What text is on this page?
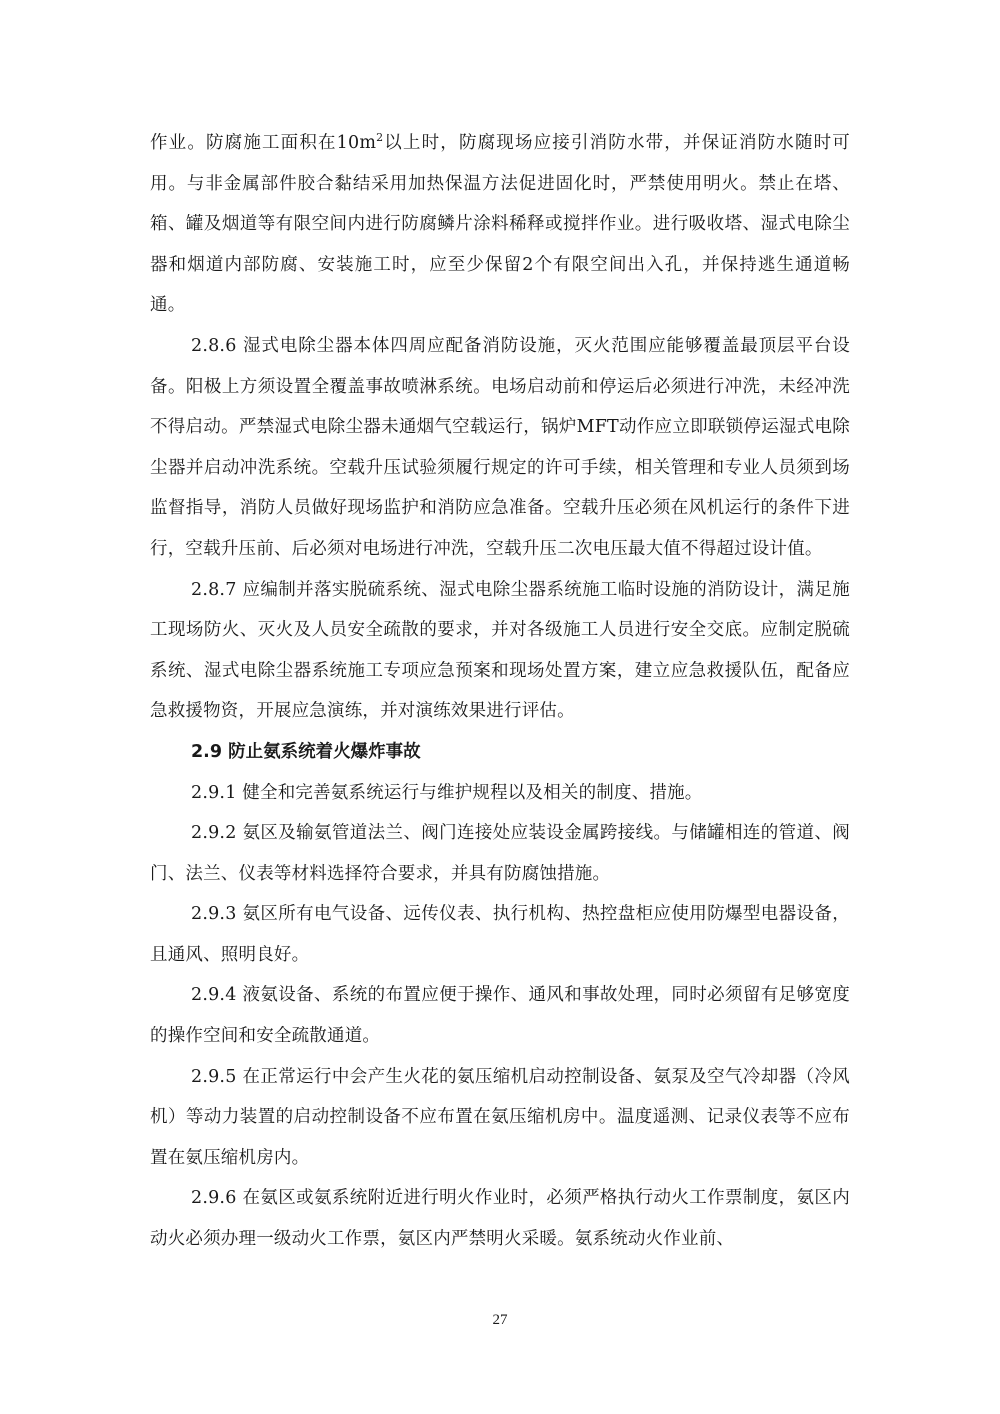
作业。防腐施工面积在$10m^2$以上时，防腐现场应接引消防水带，并保证消防水随时可用。与非金属部件胶合黏结采用加热保温方法促进固化时，严禁使用明火。禁止在塔、箱、罐及烟道等有限空间内进行防腐鳞片涂料稀释或搅拌作业。进行吸收塔、湿式电除尘器和烟道内部防腐、安装施工时，应至少保留2个有限空间出入孔，并保持逃生通道畅通。

2.8.6 湿式电除尘器本体四周应配备消防设施，灭火范围应能够覆盖最顶层平台设备。阳极上方须设置全覆盖事故喷淋系统。电场启动前和停运后必须进行冲洗，未经冲洗不得启动。严禁湿式电除尘器未通烟气空载运行，锅炉MFT动作应立即联锁停运湿式电除尘器并启动冲洗系统。空载升压试验须履行规定的许可手续，相关管理和专业人员须到场监督指导，消防人员做好现场监护和消防应急准备。空载升压必须在风机运行的条件下进行，空载升压前、后必须对电场进行冲洗，空载升压二次电压最大值不得超过设计值。

2.8.7 应编制并落实脱硫系统、湿式电除尘器系统施工临时设施的消防设计，满足施工现场防火、灭火及人员安全疏散的要求，并对各级施工人员进行安全交底。应制定脱硫系统、湿式电除尘器系统施工专项应急预案和现场处置方案，建立应急救援队伍，配备应急救援物资，开展应急演练，并对演练效果进行评估。

2.9 防止氨系统着火爆炸事故

2.9.1 健全和完善氨系统运行与维护规程以及相关的制度、措施。

2.9.2 氨区及输氨管道法兰、阀门连接处应装设金属跨接线。与储罐相连的管道、阀门、法兰、仪表等材料选择符合要求，并具有防腐蚀措施。

2.9.3 氨区所有电气设备、远传仪表、执行机构、热控盘柜应使用防爆型电器设备，且通风、照明良好。

2.9.4 液氨设备、系统的布置应便于操作、通风和事故处理，同时必须留有足够宽度的操作空间和安全疏散通道。

2.9.5 在正常运行中会产生火花的氨压缩机启动控制设备、氨泵及空气冷却器（冷风机）等动力装置的启动控制设备不应布置在氨压缩机房中。温度遥测、记录仪表等不应布置在氨压缩机房内。

2.9.6 在氨区或氨系统附近进行明火作业时，必须严格执行动火工作票制度，氨区内动火必须办理一级动火工作票，氨区内严禁明火采暖。氨系统动火作业前、

27
